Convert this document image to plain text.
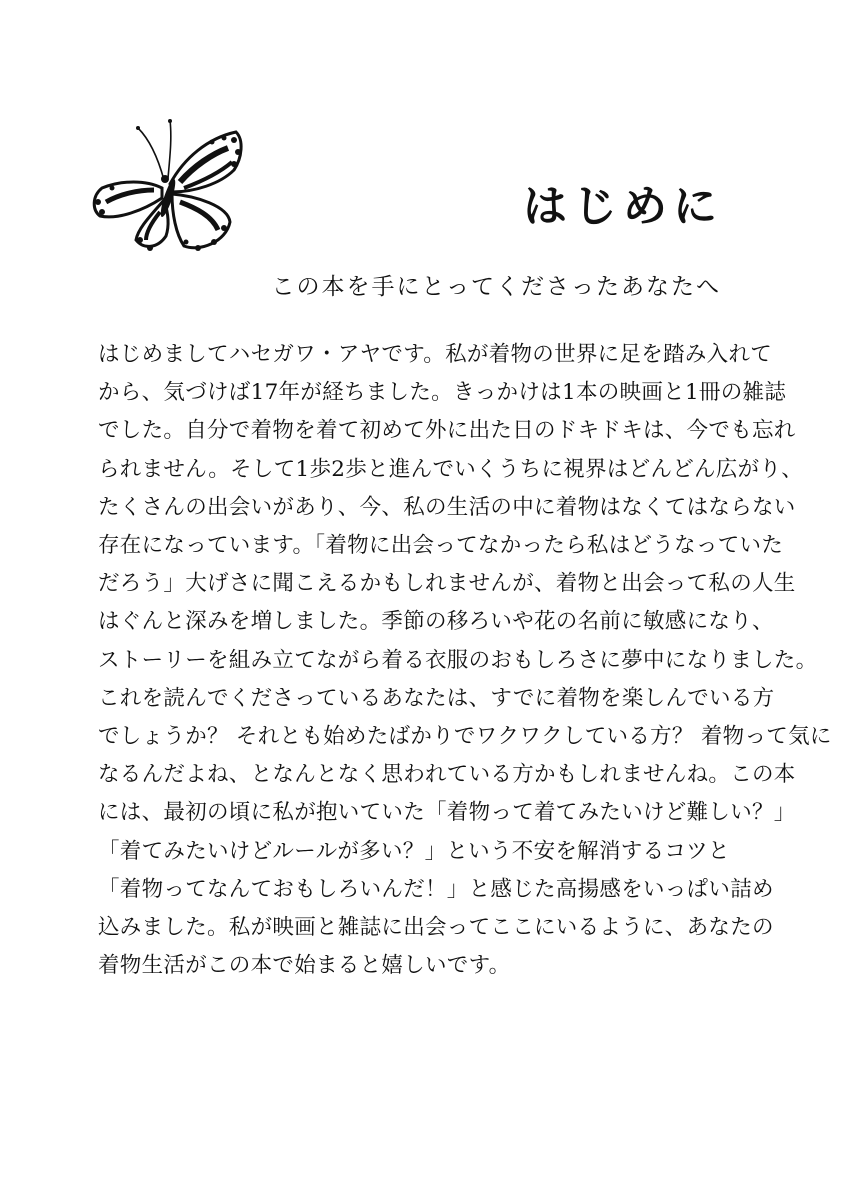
はじめに
この本を手にとってくださったあなたへ
はじめましてハセガワ・アヤです。私が着物の世界に足を踏み入れて
から、気づけば17年が経ちました。きっかけは1本の映画と1冊の雑誌
でした。自分で着物を着て初めて外に出た日のドキドキは、今でも忘れ
られません。そして1歩2歩と進んでいくうちに視界はどんどん広がり、
たくさんの出会いがあり、今、私の生活の中に着物はなくてはならない
存在になっています。「着物に出会ってなかったら私はどうなっていた
だろう」大げさに聞こえるかもしれませんが、着物と出会って私の人生
はぐんと深みを増しました。季節の移ろいや花の名前に敏感になり、
ストーリーを組み立てながら着る衣服のおもしろさに夢中になりました。
これを読んでくださっているあなたは、すでに着物を楽しんでいる方
でしょうか？ それとも始めたばかりでワクワクしている方？ 着物って気に
なるんだよね、となんとなく思われている方かもしれませんね。この本
には、最初の頃に私が抱いていた「着物って着てみたいけど難しい？」
「着てみたいけどルールが多い？」という不安を解消するコツと
「着物ってなんておもしろいんだ！」と感じた高揚感をいっぱい詰め
込みました。私が映画と雑誌に出会ってここにいるように、あなたの
着物生活がこの本で始まると嬉しいです。
